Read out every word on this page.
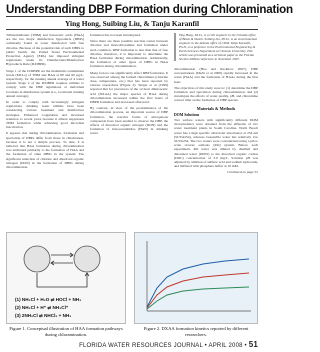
Understanding DBP Formation during Chloramination
Ying Hong, Suibing Liu, & Tanju Karanfil

Trihalomethanes (THM) and haloacetic acids (HAA) are the two major disinfection byproducts (DBPs) commonly found in water disinfected with free chlorine. Because of the potential risk of such DBPs to public health, the United States Environmental Protection Agency (EPA) has imposed stringent regulations under its Disinfectants/Disinfection Byproducts Rule (D/DBPR).

Stage 1 of the D/DBPR set the maximum contaminant levels (MCLs) of THM and HAA at 80 and 60 µg/L, respectively, for the running annual average of 4 water system. Stage 2 of the D/DBPR requires utilities to comply with the DBP regulations at individual locations in distribution system (i.e., locational running annual average).

In order to comply with increasingly stringent regulations, drinking water utilities have been considering various treatment and disinfection strategies. Enhanced coagulation and increased retention to recent years because it almost suppresses THM formation while achieving good microbial inactivation.

It appears that during chloramination, formation and speciation of DBPs differ from those in chlorination, because it is not a simple process. To date, it is believed that HAA formation during chloramination was attributed primarily to the formation of HAA and the formation of other DBPs in the system. The significant reduction of chlorine and dissolved organic nitrogen (DON) in the formation of DBPs during chloramination.

formation has not been investigated.

Since there are three possible reaction routes between chlorine and monochloramine and formation under such condition, DBP formation is less than that of free chlorine, therefore, it is important to determine the HAA formation during chloramination. Additionally, the formation of other types of DBPs in HAA formation during chloramination.

Many factors can significantly affect DBP formation. It was observed among the formed chloramines (chlorine dose, temperature, etc.) that has been reported by various researchers (Figure 2). Singer et al (1999) reported that for precursors of the 12 hour dihaloacetic acid (DXAA) the major species of HAA during chloramination increased within the first hours of DBPR formation and decreased afterward.

By contrast, in view of the predominance of the chloramination process, an important source of DBP formation, the reactive forms of nitrogenous compounds have been studied to observe the DBP, the effects of dissolved organic nitrogen (DON) and the formation of haloacetonitriles (HAN) in drinking water.

Ying Hong, Ph.D., is a civil engineer in the Orlando office of Black & Veatch. Suibing Liu, Ph.D., is an environmental engineer in the Atlanta office of CDM. Tanju Karanfil, Ph.D., is a professor in the Environmental Engineering & Earth Sciences Department at Clemson University. This article was presented as a technical paper at the Florida Section AWWA conference in November 2007.

chloramination (Hua and Reckhow 2007), DBP concentrations (Diehl et al 2000) rapidly increased in the water (HAA) and the formation of HAAs during the first hour.

The objectives of this study were to: (1) determine the DBP formation and speciation during chloramination, and (2) investigate the effects of water quality, pH, and chloramine contact time on the formation of DBP species.

Materials & Methods
DOM Solutions

Two surface waters with significantly different DOM characteristics were obtained from the effluents of two water treatment plants in South Carolina. North Beach water has a high specific ultraviolet absorbance at 254 nm (SUVA254), whereas Greenville water has relatively low SUVA254. The two waters were concentrated using a pilot-scale reverse osmosis (RO) system. Before each experiment, RO water was diluted by distilled and deionized water (DDW) to the dissolved organic carbon (DOC) concentration of 3.0 mg/L. Solution pH was adjusted by addition of sulfuric acid and sodium hydroxide, and buffered with phosphate buffer at 10 mM.

Continued on page 52
(1) NH₂Cl + H₂O ⇌ HOCl + NH₃
(2) NH₂Cl + H⁺ ⇌ NH₃Cl⁺
(3) 2NH₂Cl ⇌ NHCl₂ + NH₃
Figure 1. Conceptual illustration of HAA formation pathways during chloramination.
Figure 2. DXAA formation kinetics reported by different researchers.
FLORIDA WATER RESOURCES JOURNAL • APRIL 2008 • 51
